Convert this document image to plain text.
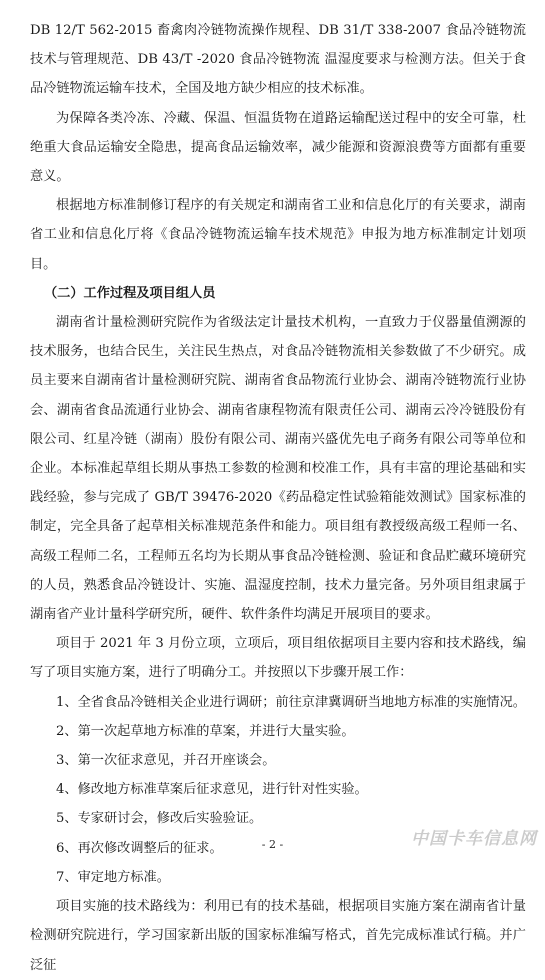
DB 12/T 562-2015 畜禽肉冷链物流操作规程、DB 31/T 338-2007 食品冷链物流技术与管理规范、DB 43/T -2020 食品冷链物流 温湿度要求与检测方法。但关于食品冷链物流运输车技术，全国及地方缺少相应的技术标准。

为保障各类冷冻、冷藏、保温、恒温货物在道路运输配送过程中的安全可靠，杜绝重大食品运输安全隐患，提高食品运输效率，减少能源和资源浪费等方面都有重要意义。

根据地方标准制修订程序的有关规定和湖南省工业和信息化厅的有关要求，湖南省工业和信息化厅将《食品冷链物流运输车技术规范》申报为地方标准制定计划项目。

（二）工作过程及项目组人员

湖南省计量检测研究院作为省级法定计量技术机构，一直致力于仪器量值溯源的技术服务，也结合民生，关注民生热点，对食品冷链物流相关参数做了不少研究。成员主要来自湖南省计量检测研究院、湖南省食品物流行业协会、湖南冷链物流行业协会、湖南省食品流通行业协会、湖南省康程物流有限责任公司、湖南云冷冷链股份有限公司、红星冷链（湖南）股份有限公司、湖南兴盛优先电子商务有限公司等单位和企业。本标准起草组长期从事热工参数的检测和校准工作，具有丰富的理论基础和实践经验，参与完成了 GB/T 39476-2020《药品稳定性试验箱能效测试》国家标准的制定，完全具备了起草相关标准规范条件和能力。项目组有教授级高级工程师一名、高级工程师二名，工程师五名均为长期从事食品冷链检测、验证和食品贮藏环境研究的人员，熟悉食品冷链设计、实施、温湿度控制，技术力量完备。另外项目组隶属于湖南省产业计量科学研究所，硬件、软件条件均满足开展项目的要求。

项目于 2021 年 3 月份立项，立项后，项目组依据项目主要内容和技术路线，编写了项目实施方案，进行了明确分工。并按照以下步骤开展工作：

1、全省食品冷链相关企业进行调研；前往京津冀调研当地地方标准的实施情况。

2、第一次起草地方标准的草案，并进行大量实验。

3、第一次征求意见，并召开座谈会。

4、修改地方标准草案后征求意见，进行针对性实验。

5、专家研讨会，修改后实验验证。

6、再次修改调整后的征求。

7、审定地方标准。

项目实施的技术路线为：利用已有的技术基础，根据项目实施方案在湖南省计量检测研究院进行，学习国家新出版的国家标准编写格式，首先完成标准试行稿。并广泛征

- 2 -	中国卡车信息网
